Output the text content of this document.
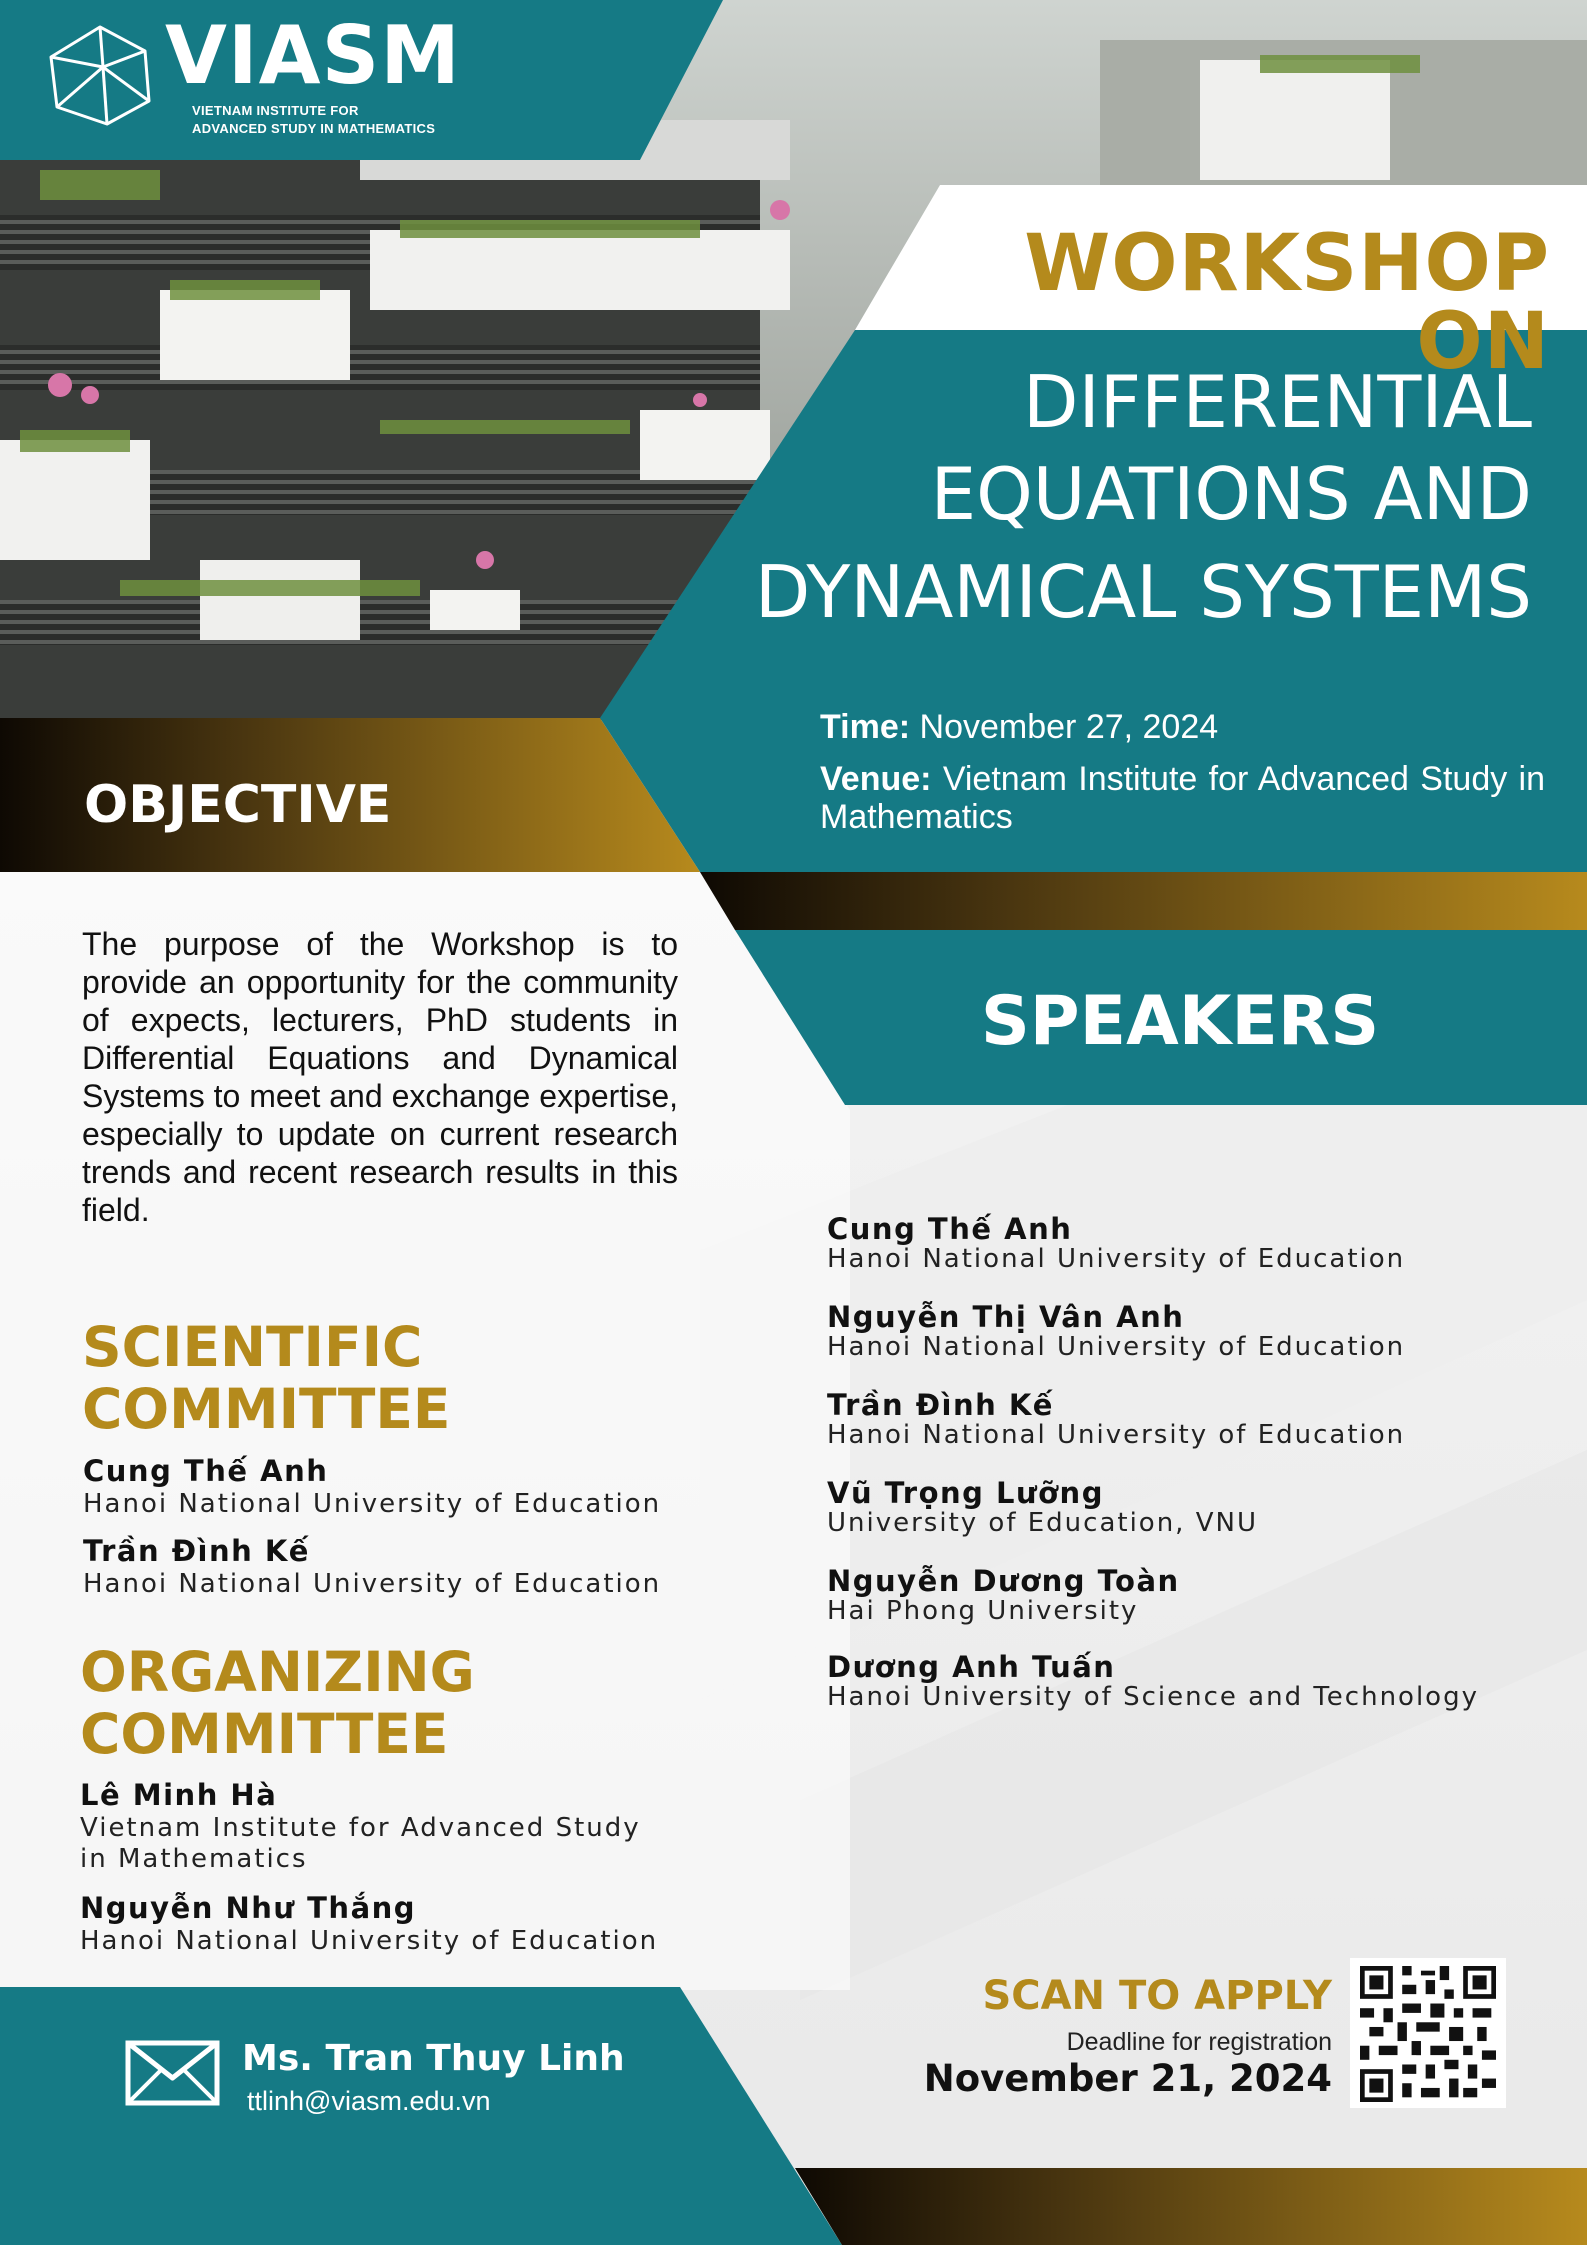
VIASM
VIETNAM INSTITUTE FOR
ADVANCED STUDY IN MATHEMATICS
WORKSHOP ON
DIFFERENTIAL
EQUATIONS AND
DYNAMICAL SYSTEMS
Time: November 27, 2024
Venue: Vietnam Institute for Advanced Study in Mathematics
OBJECTIVE
The purpose of the Workshop is to provide an opportunity for the community of expects, lecturers, PhD students in Differential Equations and Dynamical Systems to meet and exchange expertise, especially to update on current research trends and recent research results in this field.
SCIENTIFIC
COMMITTEE
Cung Thế Anh
Hanoi National University of Education
Trần Đình Kế
Hanoi National University of Education
ORGANIZING
COMMITTEE
Lê Minh Hà
Vietnam Institute for Advanced Study
in Mathematics
Nguyễn Như Thắng
Hanoi National University of Education
SPEAKERS
Cung Thế Anh
Hanoi National University of Education
Nguyễn Thị Vân Anh
Hanoi National University of Education
Trần Đình Kế
Hanoi National University of Education
Vũ Trọng Lưỡng
University of Education, VNU
Nguyễn Dương Toàn
Hai Phong University
Dương Anh Tuấn
Hanoi University of Science and Technology
SCAN TO APPLY
Deadline for registration
November 21, 2024
Ms. Tran Thuy Linh
ttlinh@viasm.edu.vn
